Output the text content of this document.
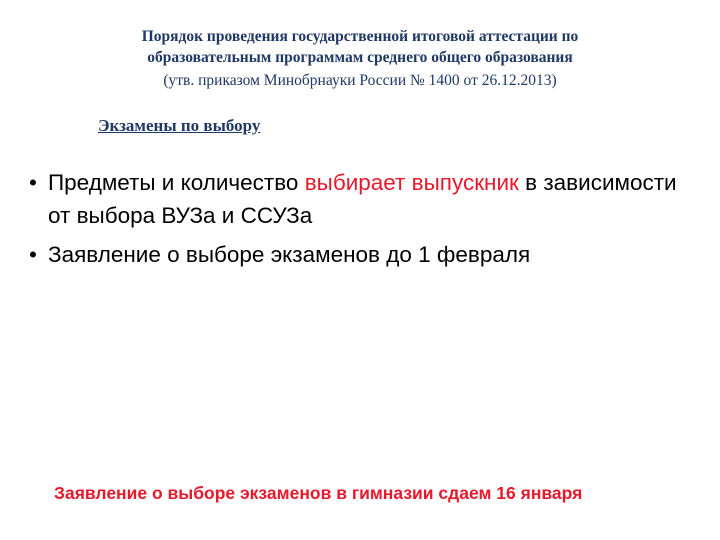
Порядок проведения государственной итоговой аттестации по
образовательным программам среднего общего образования
(утв. приказом Минобрнауки России № 1400 от 26.12.2013)
Экзамены по выбору
• Предметы и количество выбирает выпускник в зависимости от выбора ВУЗа и ССУЗа
• Заявление о выборе экзаменов до 1 февраля
Заявление о выборе экзаменов в гимназии сдаем 16 января
